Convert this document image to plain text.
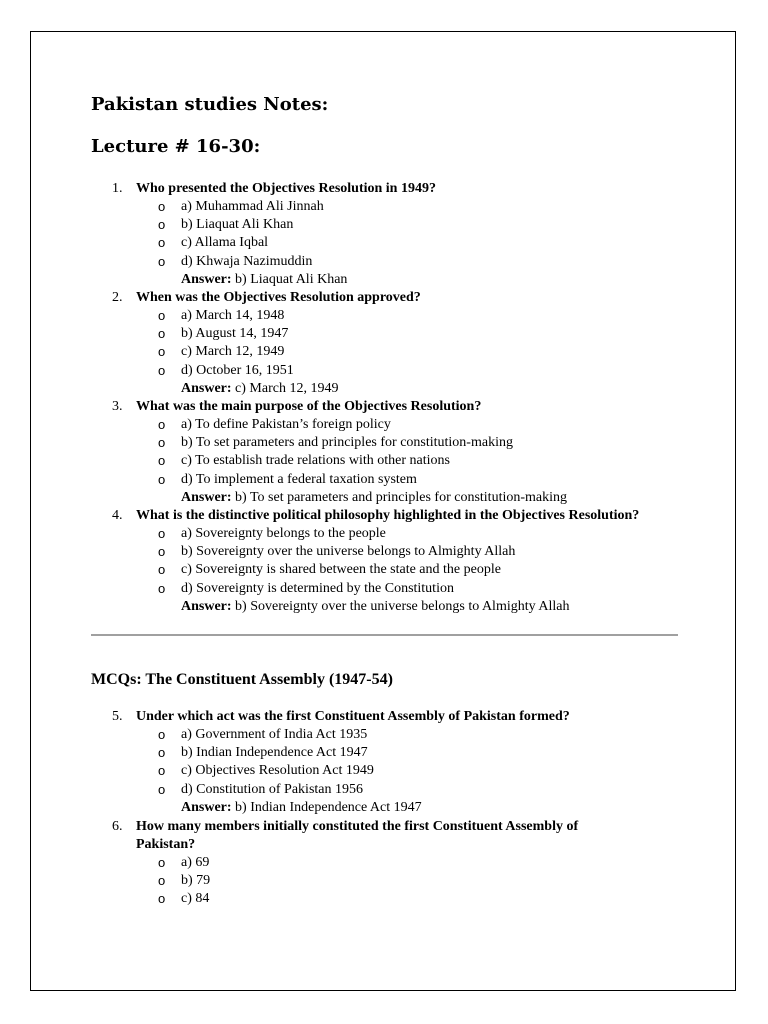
Pakistan studies Notes:
Lecture # 16-30:
1. Who presented the Objectives Resolution in 1949?
o a) Muhammad Ali Jinnah
o b) Liaquat Ali Khan
o c) Allama Iqbal
o d) Khwaja Nazimuddin
Answer: b) Liaquat Ali Khan
2. When was the Objectives Resolution approved?
o a) March 14, 1948
o b) August 14, 1947
o c) March 12, 1949
o d) October 16, 1951
Answer: c) March 12, 1949
3. What was the main purpose of the Objectives Resolution?
o a) To define Pakistan’s foreign policy
o b) To set parameters and principles for constitution-making
o c) To establish trade relations with other nations
o d) To implement a federal taxation system
Answer: b) To set parameters and principles for constitution-making
4. What is the distinctive political philosophy highlighted in the Objectives Resolution?
o a) Sovereignty belongs to the people
o b) Sovereignty over the universe belongs to Almighty Allah
o c) Sovereignty is shared between the state and the people
o d) Sovereignty is determined by the Constitution
Answer: b) Sovereignty over the universe belongs to Almighty Allah
MCQs: The Constituent Assembly (1947-54)
5. Under which act was the first Constituent Assembly of Pakistan formed?
o a) Government of India Act 1935
o b) Indian Independence Act 1947
o c) Objectives Resolution Act 1949
o d) Constitution of Pakistan 1956
Answer: b) Indian Independence Act 1947
6. How many members initially constituted the first Constituent Assembly of Pakistan?
o a) 69
o b) 79
o c) 84
